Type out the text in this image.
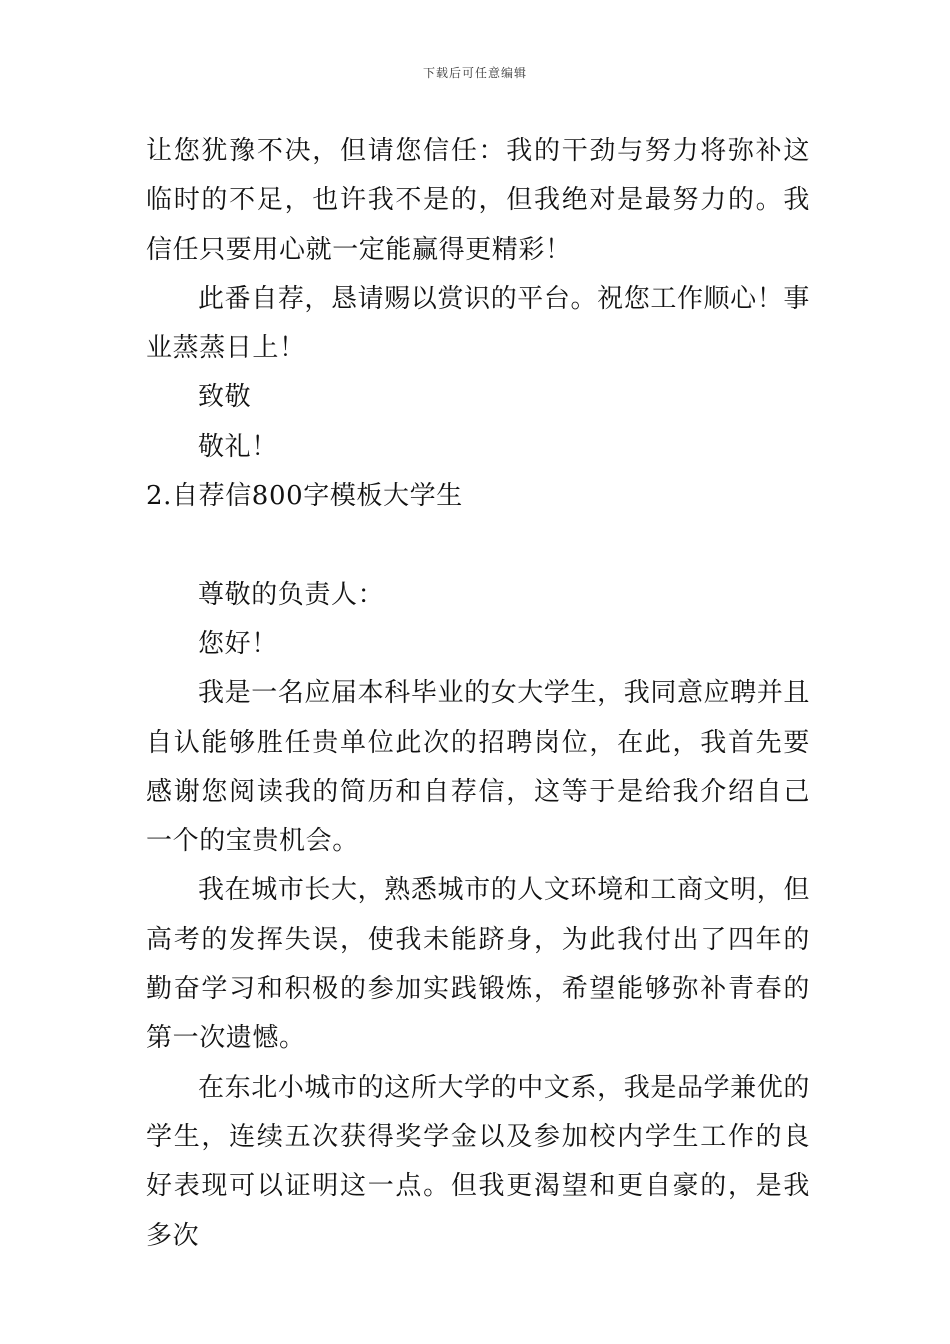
下载后可任意编辑

让您犹豫不决，但请您信任：我的干劲与努力将弥补这临时的不足，也许我不是的，但我绝对是最努力的。我信任只要用心就一定能赢得更精彩！

此番自荐，恳请赐以赏识的平台。祝您工作顺心！事业蒸蒸日上！

致敬

敬礼！

2.自荐信800字模板大学生

尊敬的负责人：

您好！

我是一名应届本科毕业的女大学生，我同意应聘并且自认能够胜任贵单位此次的招聘岗位，在此，我首先要感谢您阅读我的简历和自荐信，这等于是给我介绍自己一个的宝贵机会。

我在城市长大，熟悉城市的人文环境和工商文明，但高考的发挥失误，使我未能跻身，为此我付出了四年的勤奋学习和积极的参加实践锻炼，希望能够弥补青春的第一次遗憾。

在东北小城市的这所大学的中文系，我是品学兼优的学生，连续五次获得奖学金以及参加校内学生工作的良好表现可以证明这一点。但我更渴望和更自豪的，是我多次
